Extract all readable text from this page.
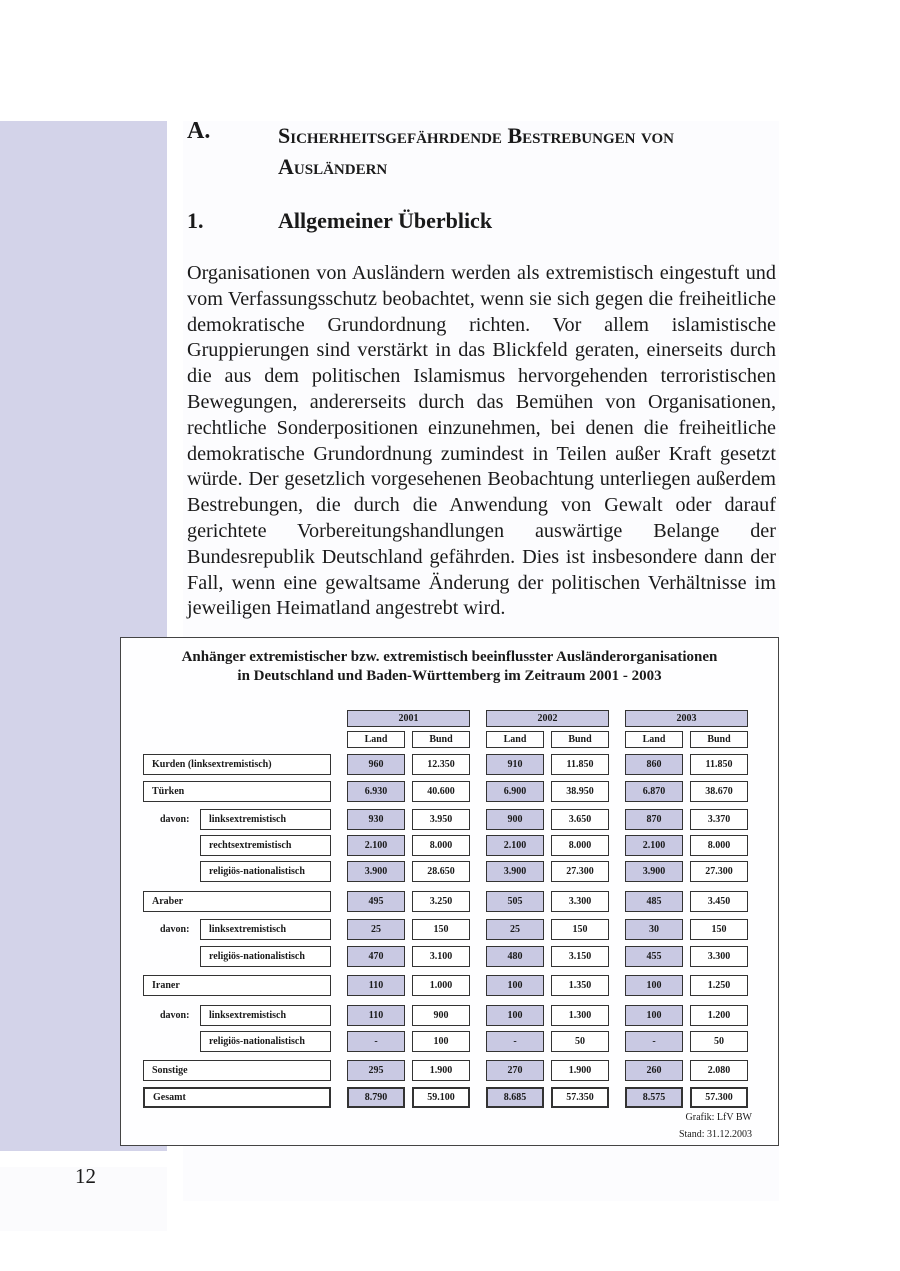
A.	Sicherheitsgefährdende Bestrebungen von Ausländern
1.	Allgemeiner Überblick

Organisationen von Ausländern werden als extremistisch eingestuft und vom Verfassungsschutz beobachtet, wenn sie sich gegen die freiheitliche demokratische Grundordnung richten. Vor allem islamistische Gruppierungen sind verstärkt in das Blickfeld geraten, einerseits durch die aus dem politischen Islamismus hervorgehenden terroristischen Bewegungen, andererseits durch das Bemühen von Organisationen, rechtliche Sonderpositionen einzunehmen, bei denen die freiheitliche demokratische Grundordnung zumindest in Teilen außer Kraft gesetzt würde. Der gesetzlich vorgesehenen Beobachtung unterliegen außerdem Bestrebungen, die durch die Anwendung von Gewalt oder darauf gerichtete Vorbereitungshandlungen auswärtige Belange der Bundesrepublik Deutschland gefährden. Dies ist insbesondere dann der Fall, wenn eine gewaltsame Änderung der politischen Verhältnisse im jeweiligen Heimatland angestrebt wird.

Anhänger extremistischer bzw. extremistisch beeinflusster Ausländerorganisationen
in Deutschland und Baden-Württemberg im Zeitraum 2001 - 2003
Grafik: LfV BW
Stand: 31.12.2003
2001
Land	Bund
2002
Land	Bund
2003
Land	Bund
Kurden (linksextremistisch)	960	12.350	910	11.850	860	11.850
Türken	6.930	40.600	6.900	38.950	6.870	38.670
davon:	linksextremistisch	930	3.950	900	3.650	870	3.370
rechtsextremistisch	2.100	8.000	2.100	8.000	2.100	8.000
religiös-nationalistisch	3.900	28.650	3.900	27.300	3.900	27.300
Araber	495	3.250	505	3.300	485	3.450
davon:	linksextremistisch	25	150	25	150	30	150
religiös-nationalistisch	470	3.100	480	3.150	455	3.300
Iraner	110	1.000	100	1.350	100	1.250
davon:	linksextremistisch	110	900	100	1.300	100	1.200
religiös-nationalistisch	-	100	-	50	-	50
Sonstige	295	1.900	270	1.900	260	2.080
Gesamt	8.790	59.100	8.685	57.350	8.575	57.300
12
